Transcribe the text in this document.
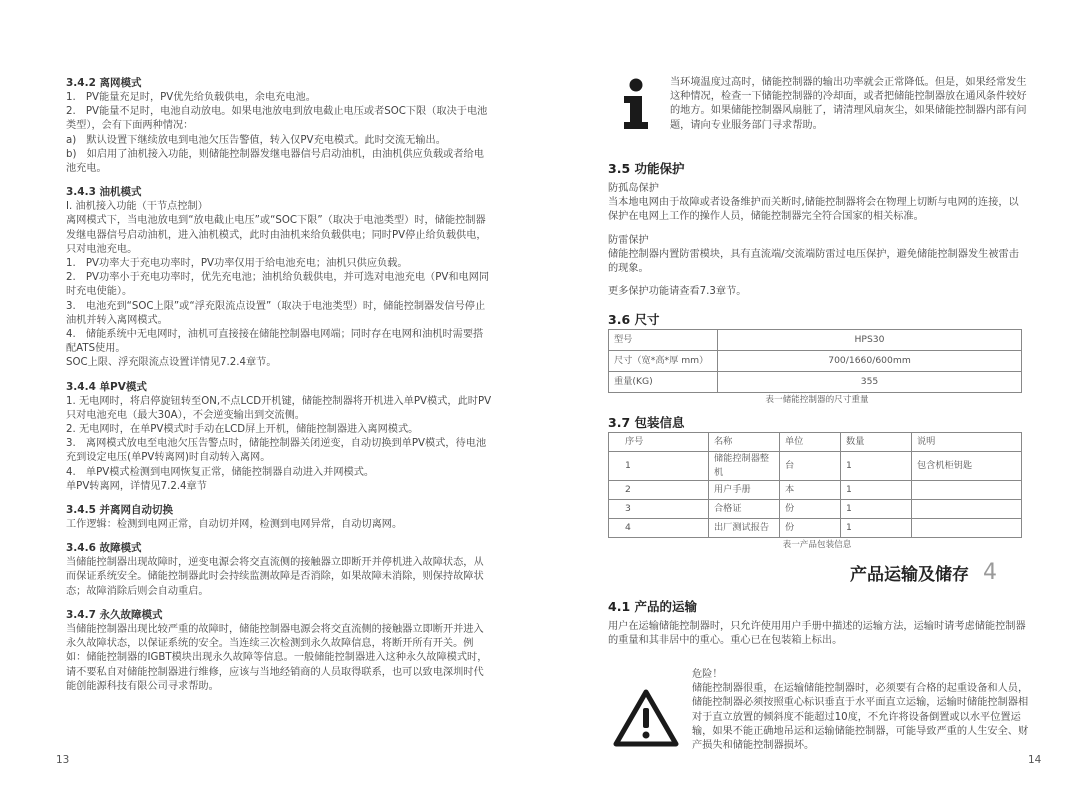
3.4.2 离网模式

1.　PV能量充足时，PV优先给负载供电，余电充电池。

2.　PV能量不足时，电池自动放电。如果电池放电到放电截止电压或者SOC下限（取决于电池类型），会有下面两种情况：

a)　默认设置下继续放电到电池欠压告警值，转入仅PV充电模式。此时交流无输出。

b)　如启用了油机接入功能，则储能控制器发继电器信号启动油机，由油机供应负载或者给电池充电。

3.4.3 油机模式

I. 油机接入功能（干节点控制）

离网模式下，当电池放电到“放电截止电压”或“SOC下限”（取决于电池类型）时，储能控制器发继电器信号启动油机，进入油机模式，此时由油机来给负载供电；同时PV停止给负载供电，只对电池充电。

1.　PV功率大于充电功率时，PV功率仅用于给电池充电；油机只供应负载。

2.　PV功率小于充电功率时，优先充电池；油机给负载供电，并可选对电池充电（PV和电网同时充电使能）。

3.　电池充到“SOC上限”或“浮充限流点设置”（取决于电池类型）时，储能控制器发信号停止油机并转入离网模式。

4.　储能系统中无电网时，油机可直接接在储能控制器电网端；同时存在电网和油机时需要搭配ATS使用。

SOC上限、浮充限流点设置详情见7.2.4章节。

3.4.4 单PV模式

1. 无电网时，将启停旋钮转至ON,不点LCD开机键，储能控制器将开机进入单PV模式，此时PV只对电池充电（最大30A），不会逆变输出到交流侧。

2. 无电网时，在单PV模式时手动在LCD屏上开机，储能控制器进入离网模式。

3.　离网模式放电至电池欠压告警点时，储能控制器关闭逆变，自动切换到单PV模式，待电池充到设定电压(单PV转离网)时自动转入离网。

4.　单PV模式检测到电网恢复正常，储能控制器自动进入并网模式。

单PV转离网，详情见7.2.4章节

3.4.5 并离网自动切换

工作逻辑：检测到电网正常，自动切并网，检测到电网异常，自动切离网。

3.4.6 故障模式

当储能控制器出现故障时，逆变电源会将交直流侧的接触器立即断开并停机进入故障状态，从而保证系统安全。储能控制器此时会持续监测故障是否消除，如果故障未消除，则保持故障状态；故障消除后则会自动重启。

3.4.7 永久故障模式

当储能控制器出现比较严重的故障时，储能控制器电源会将交直流侧的接触器立即断开并进入永久故障状态，以保证系统的安全。当连续三次检测到永久故障信息，将断开所有开关。例如：储能控制器的IGBT模块出现永久故障等信息。一般储能控制器进入这种永久故障模式时，请不要私自对储能控制器进行维修，应该与当地经销商的人员取得联系，也可以致电深圳时代能创能源科技有限公司寻求帮助。

13

当环境温度过高时，储能控制器的输出功率就会正常降低。但是，如果经常发生这种情况，检查一下储能控制器的冷却面，或者把储能控制器放在通风条件较好的地方。如果储能控制器风扇脏了，请清理风扇灰尘，如果储能控制器内部有问题，请向专业服务部门寻求帮助。

3.5 功能保护

防孤岛保护

当本地电网由于故障或者设备维护而关断时,储能控制器将会在物理上切断与电网的连接，以保护在电网上工作的操作人员，储能控制器完全符合国家的相关标准。

防雷保护

储能控制器内置防雷模块，具有直流端/交流端防雷过电压保护，避免储能控制器发生被雷击的现象。

更多保护功能请查看7.3章节。

3.6 尺寸

型号	HPS30
尺寸（宽*高*厚 mm）	700/1660/600mm
重量(KG)	355

表一储能控制器的尺寸重量

3.7 包装信息

序号	名称	单位	数量	说明
1	储能控制器整机	台	1	包含机柜钥匙
2	用户手册	本	1	
3	合格证	份	1	
4	出厂测试报告	份	1	

表一产品包装信息

产品运输及储存 4

4.1 产品的运输

用户在运输储能控制器时，只允许使用用户手册中描述的运输方法，运输时请考虑储能控制器的重量和其非居中的重心。重心已在包装箱上标出。

危险！

储能控制器很重，在运输储能控制器时，必须要有合格的起重设备和人员，储能控制器必须按照重心标识垂直于水平面直立运输，运输时储能控制器相对于直立放置的倾斜度不能超过10度，不允许将设备倒置或以水平位置运输，如果不能正确地吊运和运输储能控制器，可能导致严重的人生安全、财产损失和储能控制器损坏。

14
